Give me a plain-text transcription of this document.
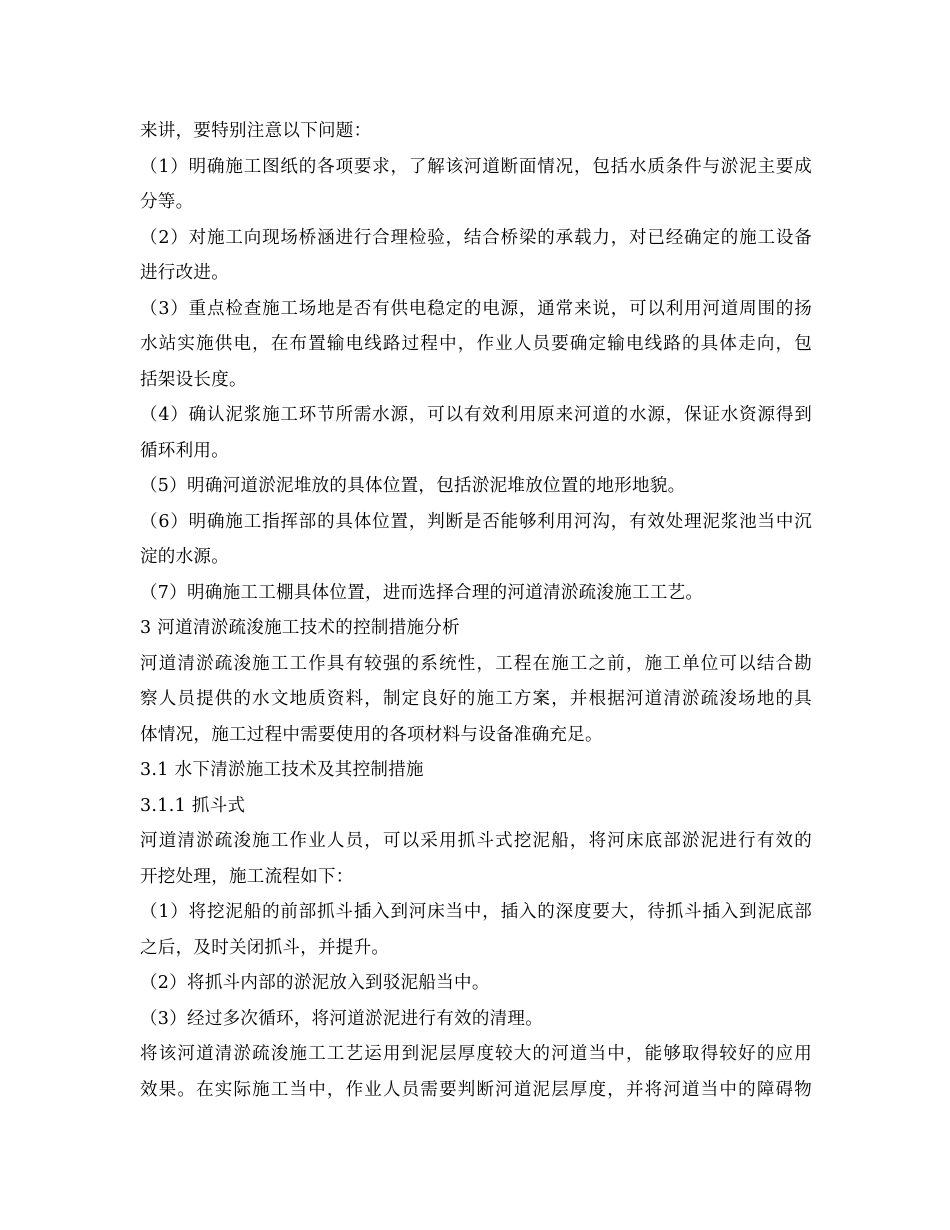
来讲，要特别注意以下问题：
（1）明确施工图纸的各项要求，了解该河道断面情况，包括水质条件与淤泥主要成
分等。
（2）对施工向现场桥涵进行合理检验，结合桥梁的承载力，对已经确定的施工设备
进行改进。
（3）重点检查施工场地是否有供电稳定的电源，通常来说，可以利用河道周围的扬
水站实施供电，在布置输电线路过程中，作业人员要确定输电线路的具体走向，包
括架设长度。
（4）确认泥浆施工环节所需水源，可以有效利用原来河道的水源，保证水资源得到
循环利用。
（5）明确河道淤泥堆放的具体位置，包括淤泥堆放位置的地形地貌。
（6）明确施工指挥部的具体位置，判断是否能够利用河沟，有效处理泥浆池当中沉
淀的水源。
（7）明确施工工棚具体位置，进而选择合理的河道清淤疏浚施工工艺。
3 河道清淤疏浚施工技术的控制措施分析
河道清淤疏浚施工工作具有较强的系统性，工程在施工之前，施工单位可以结合勘
察人员提供的水文地质资料，制定良好的施工方案，并根据河道清淤疏浚场地的具
体情况，施工过程中需要使用的各项材料与设备准确充足。
3.1 水下清淤施工技术及其控制措施
3.1.1 抓斗式
河道清淤疏浚施工作业人员，可以采用抓斗式挖泥船，将河床底部淤泥进行有效的
开挖处理，施工流程如下：
（1）将挖泥船的前部抓斗插入到河床当中，插入的深度要大，待抓斗插入到泥底部
之后，及时关闭抓斗，并提升。
（2）将抓斗内部的淤泥放入到驳泥船当中。
（3）经过多次循环，将河道淤泥进行有效的清理。
将该河道清淤疏浚施工工艺运用到泥层厚度较大的河道当中，能够取得较好的应用
效果。在实际施工当中，作业人员需要判断河道泥层厚度，并将河道当中的障碍物
